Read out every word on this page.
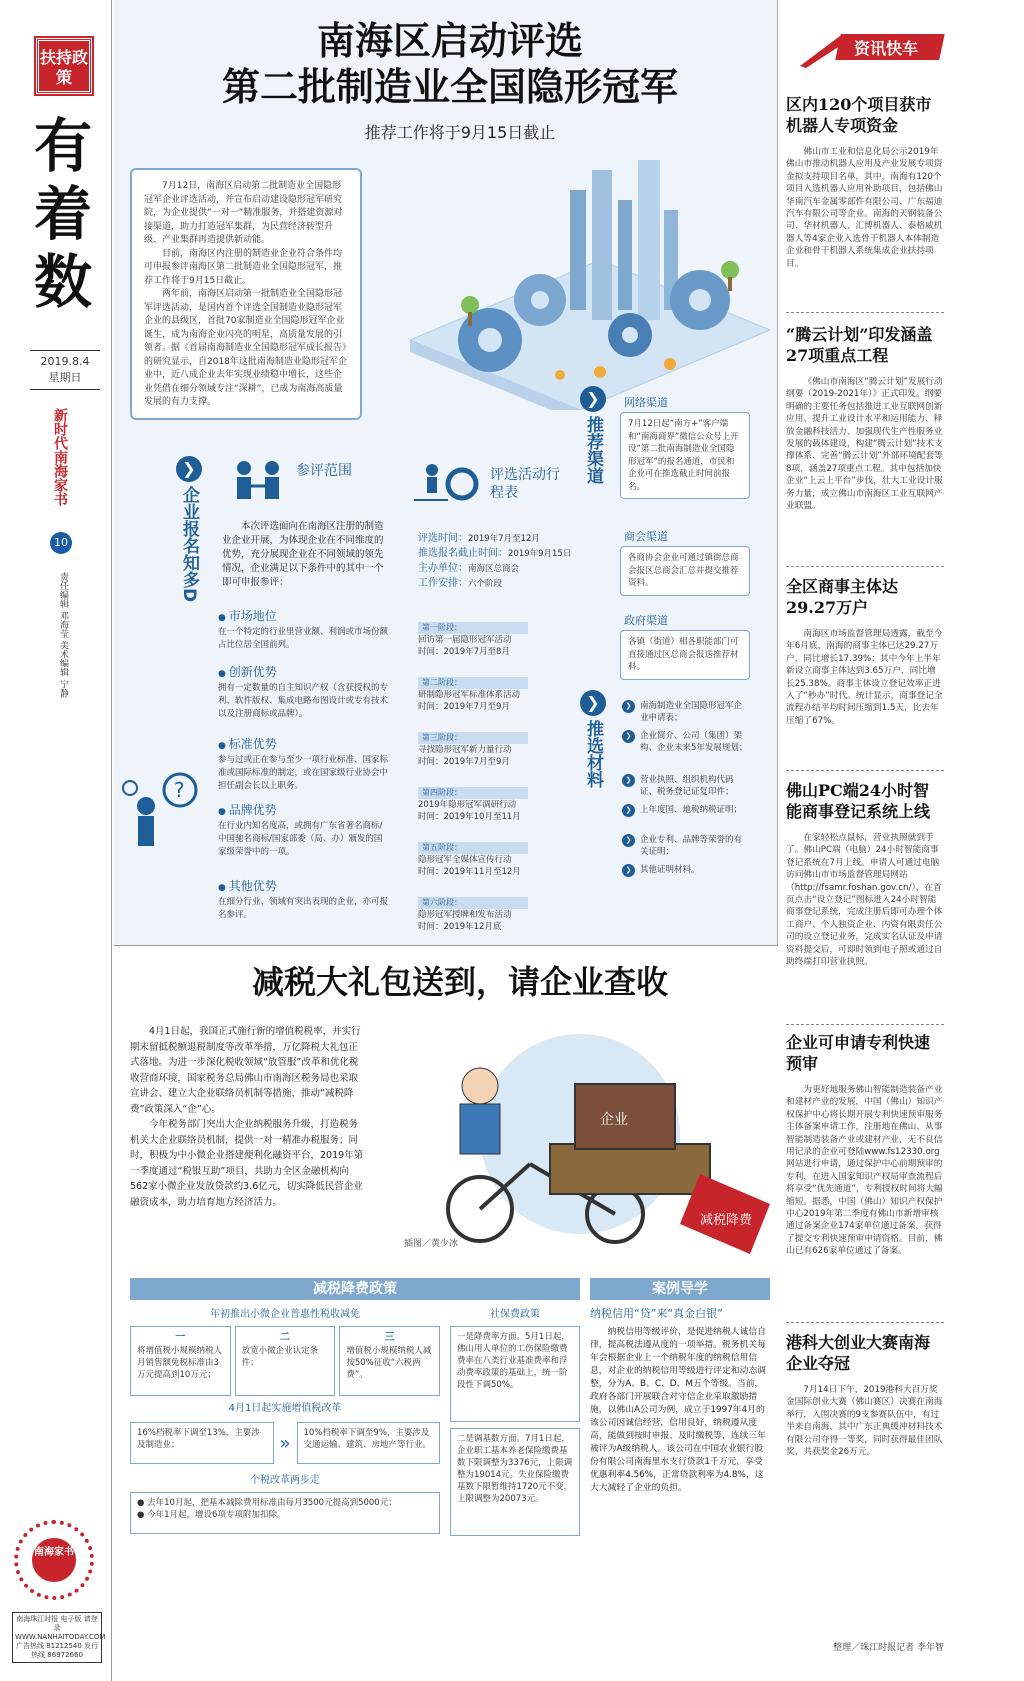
扶持政策
有着数
2019.8.4
星期日
新时代南海家书
10
责任编辑 邓海莹 美术编辑 宁静
南海家书
南海珠江时报 电子版 请登录 WWW.NANHAITODAY.COM 广告热线 81212540 发行热线 86972660
南海区启动评选
第二批制造业全国隐形冠军
推荐工作将于9月15日截止

7月12日，南海区启动第二批制造业全国隐形冠军企业评选活动，并宣布启动建设隐形冠军研究院，为企业提供“一对一”精准服务，并搭建资源对接渠道，助力打造冠军集群，为民营经济转型升级、产业集群再造提供新动能。

目前，南海区内注册的制造业企业符合条件均可申报参评南海区第二批制造业全国隐形冠军，推荐工作将于9月15日截止。

两年前，南海区启动第一批制造业全国隐形冠军评选活动，是国内首个评选全国制造业隐形冠军企业的县级区，首批70家制造业全国隐形冠军企业诞生，成为南海企业闪亮的明星，高质量发展的引领者。据《首届南海制造业全国隐形冠军成长报告》的研究显示，自2018年这批南海制造业隐形冠军企业中，近八成企业去年实现业绩稳中增长，这些企业凭借在细分领域专注“深耕”，已成为南海高质量发展的有力支撑。

❯
企业报名知多D
参评范围
本次评选面向在南海区注册的制造业企业开展，为体现企业在不同维度的优势，充分展现企业在不同领域的领先情况，企业满足以下条件中的其中一个即可申报参评：
● 市场地位
在一个特定的行业里营业额、利润或市场份额占比位居全国前列。
● 创新优势
拥有一定数量的自主知识产权（含获授权的专利、软件版权、集成电路布图设计或专有技术以及注册商标或品牌）。
● 标准优势
参与过或正在参与至少一项行业标准、国家标准或国际标准的制定，或在国家级行业协会中担任副会长以上职务。
● 品牌优势
在行业内知名度高，或拥有广东省著名商标/中国驰名商标/国家部委（局、办）颁发的国家级荣誉中的一项。
● 其他优势
在细分行业、领域有突出表现的企业，亦可报名参评。
?
评选活动行程表
评选时间：2019年7月至12月
推选报名截止时间：2019年9月15日
主办单位：南海区总商会
工作安排：六个阶段
第一阶段：
回访第一届隐形冠军活动
时间：2019年7月至8月
第二阶段：
研制隐形冠军标准体系活动
时间：2019年7月至9月
第三阶段：
寻找隐形冠军新力量行动
时间：2019年7月至9月
第四阶段：
2019年隐形冠军调研行动
时间：2019年10月至11月
第五阶段：
隐形冠军全媒体宣传行动
时间：2019年11月至12月
第六阶段：
隐形冠军授牌和发布活动
时间：2019年12月底
❯
推荐渠道
网络渠道
7月12日起“南方+”客户端和“南海商界”微信公众号上开设“第二批南海制造业全国隐形冠军”的报名通道，市民和企业可在推选截止时间前报名。
商会渠道
各商协会企业可通过镇街总商会报区总商会汇总并提交推荐资料。
政府渠道
各镇（街道）相各职能部门可直接通过区总商会报送推荐材料。
❯
推选材料
❯ 南海制造业全国隐形冠军企业申请表；
❯ 企业简介、公司（集团）架构、企业未来5年发展规划；
❯ 营业执照、组织机构代码证、税务登记证复印件；
❯ 上年度国、地税纳税证明；
❯ 企业专利、品牌等荣誉的有关证明；
❯ 其他证明材料。
减税大礼包送到，请企业查收

4月1日起，我国正式施行新的增值税税率，并实行期末留抵税额退税制度等改革举措，万亿降税大礼包正式落地。为进一步深化税收领域“放管服”改革和优化税收营商环境，国家税务总局佛山市南海区税务局也采取宣讲会、建立大企业联络员机制等措施，推动“减税降费”政策深入“企”心。

今年税务部门突出大企业纳税服务升级，打造税务机关大企业联络员机制，提供一对一精准办税服务；同时，积极为中小微企业搭建便利化融资平台，2019年第一季度通过“税银互助”项目，共助力全区金融机构向562家小微企业发放贷款约3.6亿元，切实降低民营企业融资成本，助力培育地方经济活力。

企业
减税降费
插图／黄少冰
减税降费政策
年初推出小微企业普惠性税收减免
一
将增值税小规模纳税人月销售额免税标准由3万元提高到10万元；
二
放宽小微企业认定条件；
三
增值税小规模纳税人减按50%征收“六税两费”。
4月1日起实施增值税改革
16%档税率下调至13%，主要涉及制造业；	»	10%档税率下调至9%，主要涉及交通运输、建筑、房地产等行业。
个税改革两步走
● 去年10月起，把基本减除费用标准由每月3500元提高到5000元；
● 今年1月起，增设6项专项附加扣除。
社保费政策
一是降费率方面。5月1日起，佛山用人单位的工伤保险缴费费率在八类行业基准费率和浮动费率政策的基础上，统一阶段性下调50%。
二是调基数方面。7月1日起，企业职工基本养老保险缴费基数下限调整为3376元，上限调整为19014元。失业保险缴费基数下限暂维持1720元不变，上限调整为20073元。
案例导学
纳税信用“贷”来“真金白银”
纳税信用等级评价，是促进纳税人诚信自律，提高税法遵从度的一项举措。税务机关每年会根据企业上一个纳税年度的纳税信用信息，对企业的纳税信用等级进行评定和动态调整，分为A、B、C、D、M五个等级。当前，政府各部门开展联合对守信企业采取激励措施，以佛山A公司为例，成立于1997年4月的该公司因诚信经营，信用良好，纳税遵从度高，能做到按时申报、及时缴税等，连续三年被评为A级纳税人。该公司在中国农业银行股份有限公司南海里水支行贷款1千万元，享受优惠利率4.56%，正常贷款利率为4.8%，这大大减轻了企业的负担。
资讯快车
区内120个项目获市机器人专项资金
佛山市工业和信息化局公示2019年佛山市推动机器人应用及产业发展专项资金拟支持项目名单，其中，南海有120个项目入选机器人应用补助项目，包括佛山华南汽车金属零部件有限公司、广东福迪汽车有限公司等企业。南海的天钢装备公司、华材机器人、汇博机器人、泰格威机器人等4家企业入选骨干机器人本体制造企业和骨干机器人系统集成企业扶持项目。
“腾云计划”印发涵盖27项重点工程
《佛山市南海区“腾云计划”发展行动纲要（2019-2021年）》正式印发。纲要明确的主要任务包括推进工业互联网创新应用、提升工业设计水平和运用能力、释放金融科技活力、加强现代生产性服务业发展的载体建设，构建“腾云计划”技术支撑体系、完善“腾云计划”外部环境配套等8项，涵盖27项重点工程。其中包括加快企业“上云上平台”步伐，壮大工业设计服务力量，成立佛山市南海区工业互联网产业联盟。
全区商事主体达29.27万户
南海区市场监督管理局透露，截至今年6月底，南海的商事主体已达29.27万户，同比增长17.39%；其中今年上半年新设立商事主体达到3.65万户，同比增长25.38%。商事主体设立登记效率正进入了“秒办”时代。统计显示，商事登记全流程办结平均时间压缩到1.5天，比去年压缩了67%。
佛山PC端24小时智能商事登记系统上线
在家轻松点鼠标，营业执照就到手了。佛山PC端（电脑）24小时智能商事登记系统在7月上线。申请人可通过电脑访问佛山市市场监督管理局网站（http://fsamr.foshan.gov.cn/），在首页点击“设立登记”图标进入24小时智能商事登记系统，完成注册后即可办理个体工商户、个人独资企业、内资有限责任公司的设立登记业务，完成实名认证及申请资料提交后，可即时领到电子照或通过自助终端打印营业执照。
企业可申请专利快速预审
为更好地服务佛山智能制造装备产业和建材产业的发展，中国（佛山）知识产权保护中心将长期开展专利快速预审服务主体备案申请工作，注册地在佛山、从事智能制造装备产业或建材产业，无不良信用记录的企业可登陆www.fs12330.org网站进行申请，通过保护中心前期预审的专利，在进入国家知识产权局审查流程后将享受“优先通道”，专利授权时间将大幅缩短。据悉，中国（佛山）知识产权保护中心2019年第二季度有佛山市新增审核通过备案企业174家单位通过备案，获得了提交专利快速预审申请资格。目前，佛山已有626家单位通过了备案。
港科大创业大赛南海企业夺冠
7月14日下午，2019港科大百万奖金国际创业大赛（佛山赛区）决赛在南海举行，入围决赛的9支参赛队伍中，有过半来自南海，其中广东正典缓冲材料技术有限公司夺得一等奖，同时获得最佳团队奖，共获奖金26万元。
整理／珠江时报记者 李年智
